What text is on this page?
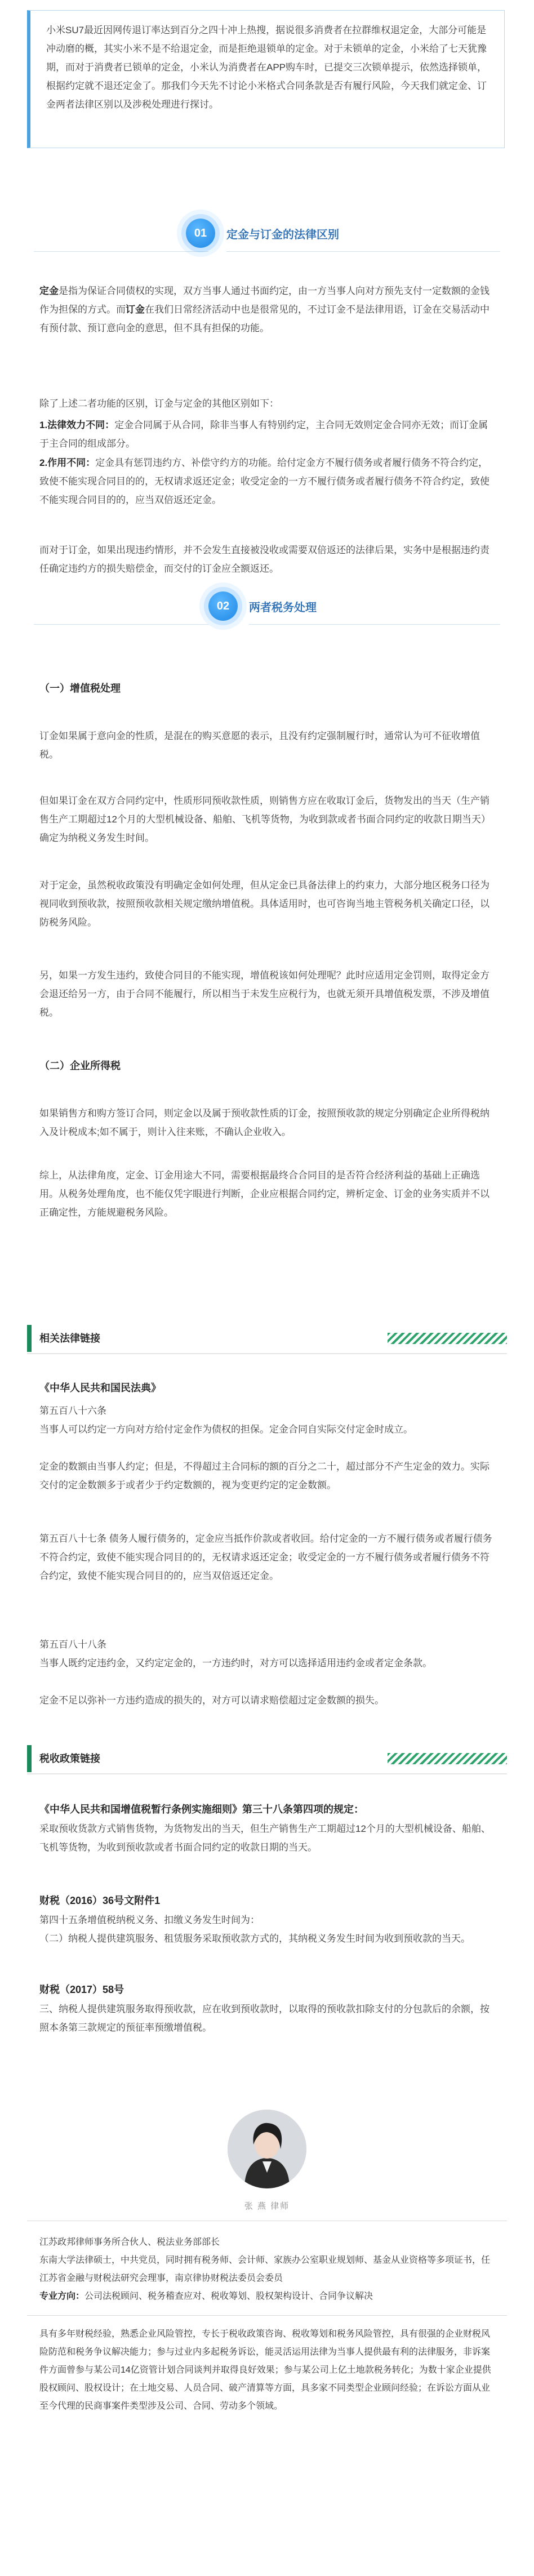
小米SU7最近因网传退订率达到百分之四十冲上热搜，据说很多消费者在拉群维权退定金，大部分可能是冲动磨的概，其实小米不是不给退定金，而是拒绝退锁单的定金。对于未锁单的定金，小米给了七天犹豫期，而对于消费者已锁单的定金，小米认为消费者在APP购车时，已提交三次锁单提示，依然选择锁单，根据约定就不退还定金了。那我们今天先不讨论小米格式合同条款是否有履行风险，今天我们就定金、订金两者法律区别以及涉税处理进行探讨。
01	定金与订金的法律区别
定金是指为保证合同债权的实现，双方当事人通过书面约定，由一方当事人向对方预先支付一定数额的金钱作为担保的方式。而订金在我们日常经济活动中也是很常见的，不过订金不是法律用语，订金在交易活动中有预付款、预订意向金的意思，但不具有担保的功能。
除了上述二者功能的区别，订金与定金的其他区别如下：
1.法律效力不同：定金合同属于从合同，除非当事人有特别约定，主合同无效则定金合同亦无效；而订金属于主合同的组成部分。
2.作用不同：定金具有惩罚违约方、补偿守约方的功能。给付定金方不履行债务或者履行债务不符合约定，致使不能实现合同目的的，无权请求返还定金；收受定金的一方不履行债务或者履行债务不符合约定，致使不能实现合同目的的，应当双倍返还定金。
而对于订金，如果出现违约情形，并不会发生直接被没收或需要双倍返还的法律后果，实务中是根据违约责任确定违约方的损失赔偿金，而交付的订金应全额返还。
02	两者税务处理
（一）增值税处理
订金如果属于意向金的性质，是混在的购买意愿的表示，且没有约定强制履行时，通常认为可不征收增值税。
但如果订金在双方合同约定中，性质形同预收款性质，则销售方应在收取订金后，货物发出的当天（生产销售生产工期超过12个月的大型机械设备、船舶、飞机等货物，为收到款或者书面合同约定的收款日期当天）确定为纳税义务发生时间。
对于定金，虽然税收政策没有明确定金如何处理，但从定金已具备法律上的约束力，大部分地区税务口径为视同收到预收款，按照预收款相关规定缴纳增值税。具体适用时，也可咨询当地主管税务机关确定口径，以防税务风险。
另，如果一方发生违约，致使合同目的不能实现，增值税该如何处理呢？此时应适用定金罚则，取得定金方会退还给另一方，由于合同不能履行，所以相当于未发生应税行为，也就无须开具增值税发票，不涉及增值税。
（二）企业所得税
如果销售方和购方签订合同，则定金以及属于预收款性质的订金，按照预收款的规定分别确定企业所得税纳入及计税成本;如不属于，则计入往来账，不确认企业收入。
综上，从法律角度，定金、订金用途大不同，需要根据最终合合同目的是否符合经济利益的基础上正确选用。从税务处理角度，也不能仅凭字眼进行判断，企业应根据合同约定，辨析定金、订金的业务实质并不以正确定性，方能规避税务风险。
相关法律链接
《中华人民共和国民法典》
第五百八十六条
当事人可以约定一方向对方给付定金作为债权的担保。定金合同自实际交付定金时成立。
定金的数额由当事人约定；但是，不得超过主合同标的额的百分之二十，超过部分不产生定金的效力。实际交付的定金数额多于或者少于约定数额的，视为变更约定的定金数额。
第五百八十七条 债务人履行债务的，定金应当抵作价款或者收回。给付定金的一方不履行债务或者履行债务不符合约定，致使不能实现合同目的的，无权请求返还定金；收受定金的一方不履行债务或者履行债务不符合约定，致使不能实现合同目的的，应当双倍返还定金。
第五百八十八条
当事人既约定违约金，又约定定金的，一方违约时，对方可以选择适用违约金或者定金条款。
定金不足以弥补一方违约造成的损失的，对方可以请求赔偿超过定金数额的损失。
税收政策链接
《中华人民共和国增值税暂行条例实施细则》第三十八条第四项的规定：
采取预收货款方式销售货物，为货物发出的当天，但生产销售生产工期超过12个月的大型机械设备、船舶、飞机等货物，为收到预收款或者书面合同约定的收款日期的当天。
财税（2016）36号文附件1
第四十五条增值税纳税义务、扣缴义务发生时间为：
（二）纳税人提供建筑服务、租赁服务采取预收款方式的，其纳税义务发生时间为收到预收款的当天。
财税（2017）58号
三、纳税人提供建筑服务取得预收款，应在收到预收款时，以取得的预收款扣除支付的分包款后的余额，按照本条第三款规定的预征率预缴增值税。
张 燕 律师
江苏政邦律师事务所合伙人、税法业务部部长
东南大学法律硕士，中共党员，同时拥有税务师、会计师、家族办公室职业规划师、基金从业资格等多项证书，任江苏省金融与财税法研究会理事，南京律协财税法委员会委员
专业方向：公司法税顾问、税务稽查应对、税收筹划、股权架构设计、合同争议解决
具有多年财税经验，熟悉企业风险管控，专长于税收政策咨询、税收筹划和税务风险管控，具有很强的企业财税风险防范和税务争议解决能力；参与过业内多起税务诉讼，能灵活运用法律为当事人提供最有利的法律服务，非诉案件方面曾参与某公司14亿资管计划合同谈判并取得良好效果；参与某公司上亿土地款税务转化；为数十家企业提供股权顾问、股权设计；在土地交易、人员合同、破产清算等方面，具多家不同类型企业顾问经验；在诉讼方面从业至今代理的民商事案件类型涉及公司、合同、劳动多个领域。
